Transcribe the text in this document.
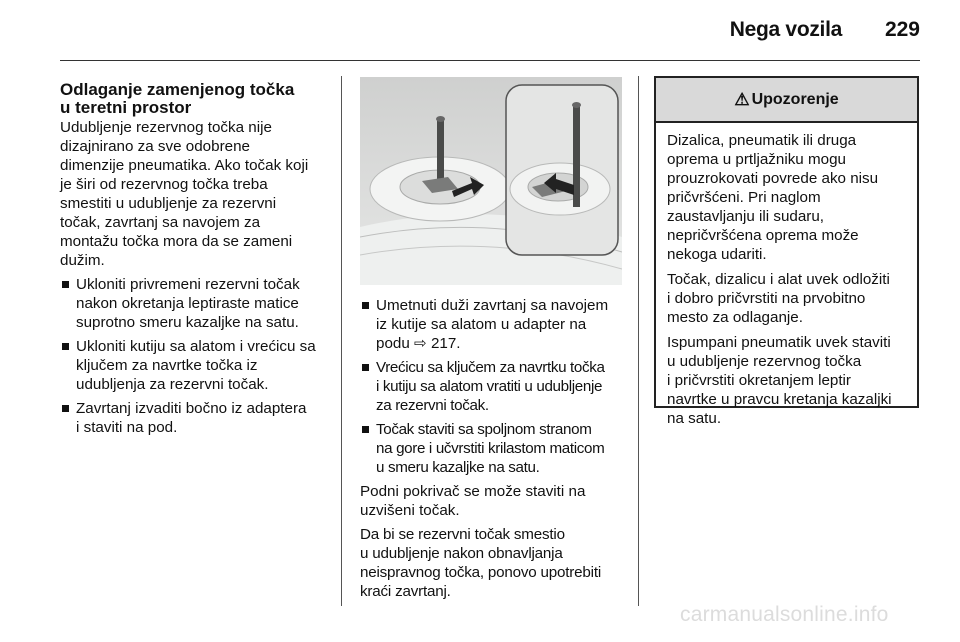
Nega vozila 229
Odlaganje zamenjenog točka
u teretni prostor

Udubljenje rezervnog točka nije
dizajnirano za sve odobrene
dimenzije pneumatika. Ako točak koji
je širi od rezervnog točka treba
smestiti u udubljenje za rezervni
točak, zavrtanj sa navojem za
montažu točka mora da se zameni
dužim.

Ukloniti privremeni rezervni točak
nakon okretanja leptiraste matice
suprotno smeru kazaljke na satu.
Ukloniti kutiju sa alatom i vrećicu sa
ključem za navrtke točka iz
udubljenja za rezervni točak.
Zavrtanj izvaditi bočno iz adaptera
i staviti na pod.
Umetnuti duži zavrtanj sa navojem
iz kutije sa alatom u adapter na
podu ⇨ 217.
Vrećicu sa ključem za navrtku točka
i kutiju sa alatom vratiti u udubljenje
za rezervni točak.
Točak staviti sa spoljnom stranom
na gore i učvrstiti krilastom maticom
u smeru kazaljke na satu.

Podni pokrivač se može staviti na
uzvišeni točak.

Da bi se rezervni točak smestio
u udubljenje nakon obnavljanja
neispravnog točka, ponovo upotrebiti
kraći zavrtanj.

⚠ Upozorenje

Dizalica, pneumatik ili druga
oprema u prtljažniku mogu
prouzrokovati povrede ako nisu
pričvršćeni. Pri naglom
zaustavljanju ili sudaru,
nepričvršćena oprema može
nekoga udariti.

Točak, dizalicu i alat uvek odložiti
i dobro pričvrstiti na prvobitno
mesto za odlaganje.

Ispumpani pneumatik uvek staviti
u udubljenje rezervnog točka
i pričvrstiti okretanjem leptir
navrtke u pravcu kretanja kazaljki
na satu.

carmanualsonline.info
